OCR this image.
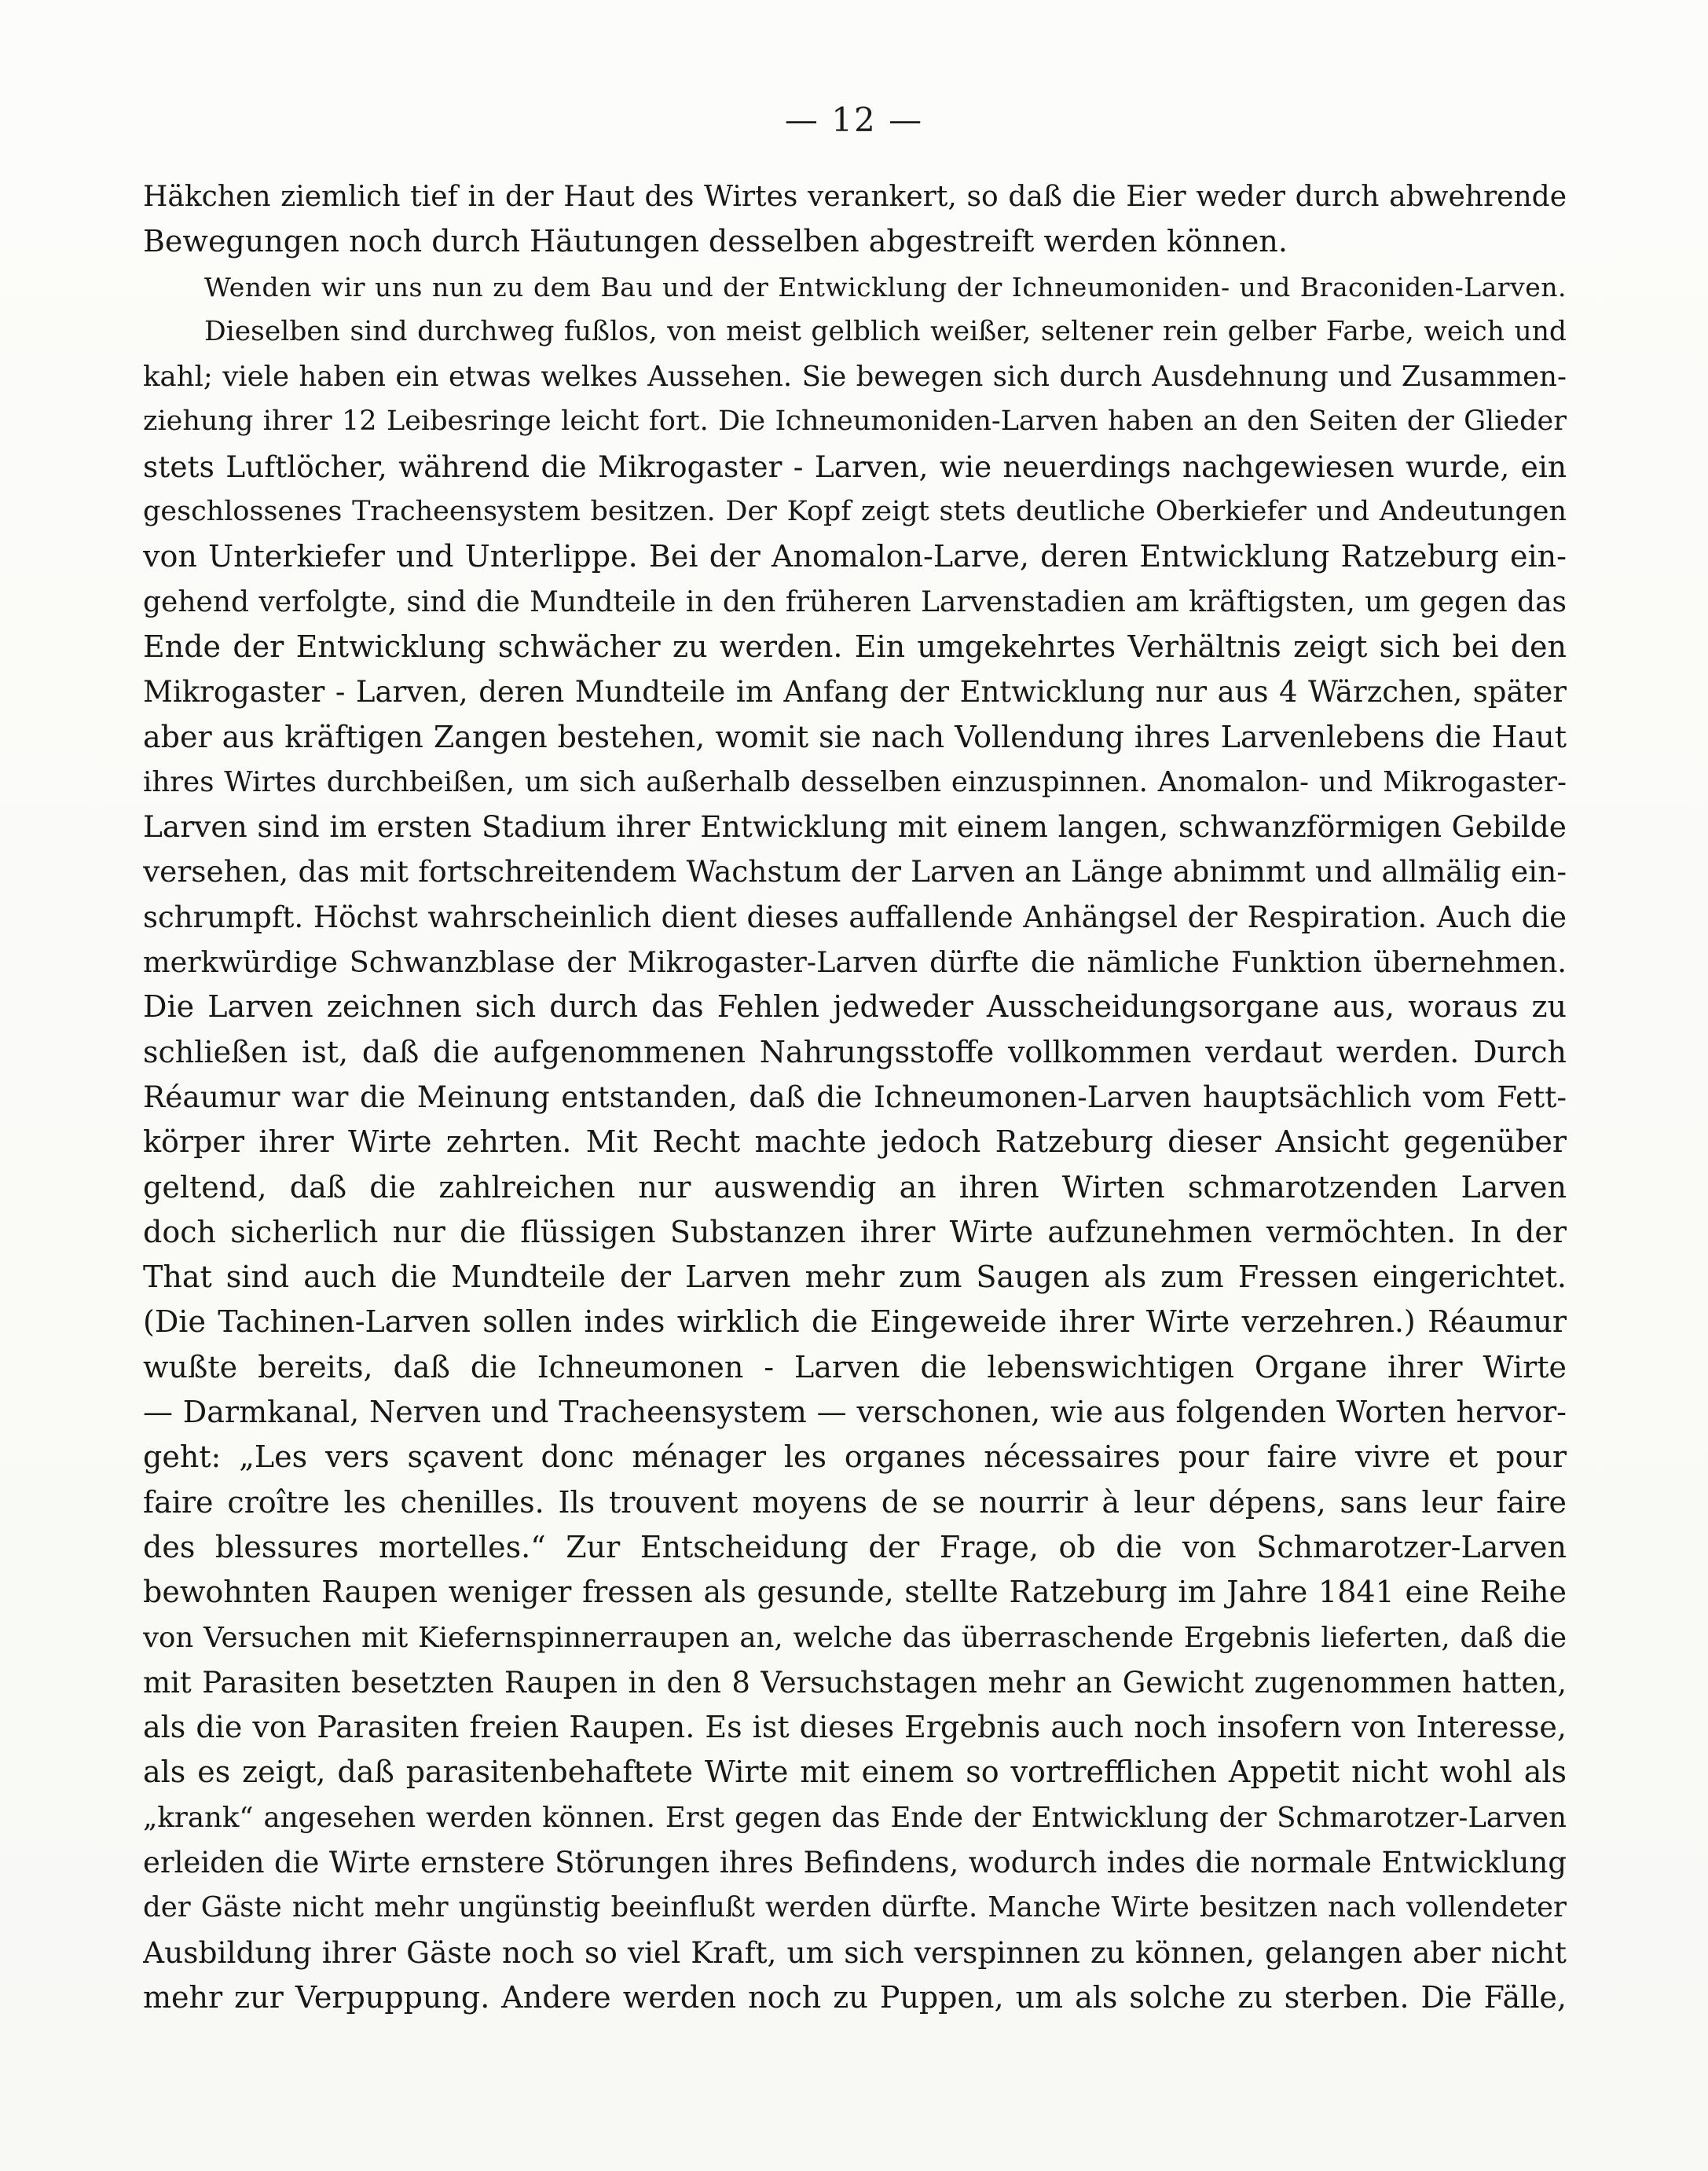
— 12 —
Häkchen ziemlich tief in der Haut des Wirtes verankert, so daß die Eier weder durch abwehrende
Bewegungen noch durch Häutungen desselben abgestreift werden können.
Wenden wir uns nun zu dem Bau und der Entwicklung der Ichneumoniden- und Braconiden-Larven.
Dieselben sind durchweg fußlos, von meist gelblich weißer, seltener rein gelber Farbe, weich und
kahl; viele haben ein etwas welkes Aussehen. Sie bewegen sich durch Ausdehnung und Zusammen-
ziehung ihrer 12 Leibesringe leicht fort. Die Ichneumoniden-Larven haben an den Seiten der Glieder
stets Luftlöcher, während die Mikrogaster - Larven, wie neuerdings nachgewiesen wurde, ein
geschlossenes Tracheensystem besitzen. Der Kopf zeigt stets deutliche Oberkiefer und Andeutungen
von Unterkiefer und Unterlippe. Bei der Anomalon-Larve, deren Entwicklung Ratzeburg ein-
gehend verfolgte, sind die Mundteile in den früheren Larvenstadien am kräftigsten, um gegen das
Ende der Entwicklung schwächer zu werden. Ein umgekehrtes Verhältnis zeigt sich bei den
Mikrogaster - Larven, deren Mundteile im Anfang der Entwicklung nur aus 4 Wärzchen, später
aber aus kräftigen Zangen bestehen, womit sie nach Vollendung ihres Larvenlebens die Haut
ihres Wirtes durchbeißen, um sich außerhalb desselben einzuspinnen. Anomalon- und Mikrogaster-
Larven sind im ersten Stadium ihrer Entwicklung mit einem langen, schwanzförmigen Gebilde
versehen, das mit fortschreitendem Wachstum der Larven an Länge abnimmt und allmälig ein-
schrumpft. Höchst wahrscheinlich dient dieses auffallende Anhängsel der Respiration. Auch die
merkwürdige Schwanzblase der Mikrogaster-Larven dürfte die nämliche Funktion übernehmen.
Die Larven zeichnen sich durch das Fehlen jedweder Ausscheidungsorgane aus, woraus zu
schließen ist, daß die aufgenommenen Nahrungsstoffe vollkommen verdaut werden. Durch
Réaumur war die Meinung entstanden, daß die Ichneumonen-Larven hauptsächlich vom Fett-
körper ihrer Wirte zehrten. Mit Recht machte jedoch Ratzeburg dieser Ansicht gegenüber
geltend, daß die zahlreichen nur auswendig an ihren Wirten schmarotzenden Larven
doch sicherlich nur die flüssigen Substanzen ihrer Wirte aufzunehmen vermöchten. In der
That sind auch die Mundteile der Larven mehr zum Saugen als zum Fressen eingerichtet.
(Die Tachinen-Larven sollen indes wirklich die Eingeweide ihrer Wirte verzehren.) Réaumur
wußte bereits, daß die Ichneumonen - Larven die lebenswichtigen Organe ihrer Wirte
— Darmkanal, Nerven und Tracheensystem — verschonen, wie aus folgenden Worten hervor-
geht: „Les vers sçavent donc ménager les organes nécessaires pour faire vivre et pour
faire croître les chenilles. Ils trouvent moyens de se nourrir à leur dépens, sans leur faire
des blessures mortelles.“ Zur Entscheidung der Frage, ob die von Schmarotzer-Larven
bewohnten Raupen weniger fressen als gesunde, stellte Ratzeburg im Jahre 1841 eine Reihe
von Versuchen mit Kiefernspinnerraupen an, welche das überraschende Ergebnis lieferten, daß die
mit Parasiten besetzten Raupen in den 8 Versuchstagen mehr an Gewicht zugenommen hatten,
als die von Parasiten freien Raupen. Es ist dieses Ergebnis auch noch insofern von Interesse,
als es zeigt, daß parasitenbehaftete Wirte mit einem so vortrefflichen Appetit nicht wohl als
„krank“ angesehen werden können. Erst gegen das Ende der Entwicklung der Schmarotzer-Larven
erleiden die Wirte ernstere Störungen ihres Befindens, wodurch indes die normale Entwicklung
der Gäste nicht mehr ungünstig beeinflußt werden dürfte. Manche Wirte besitzen nach vollendeter
Ausbildung ihrer Gäste noch so viel Kraft, um sich verspinnen zu können, gelangen aber nicht
mehr zur Verpuppung. Andere werden noch zu Puppen, um als solche zu sterben. Die Fälle,
